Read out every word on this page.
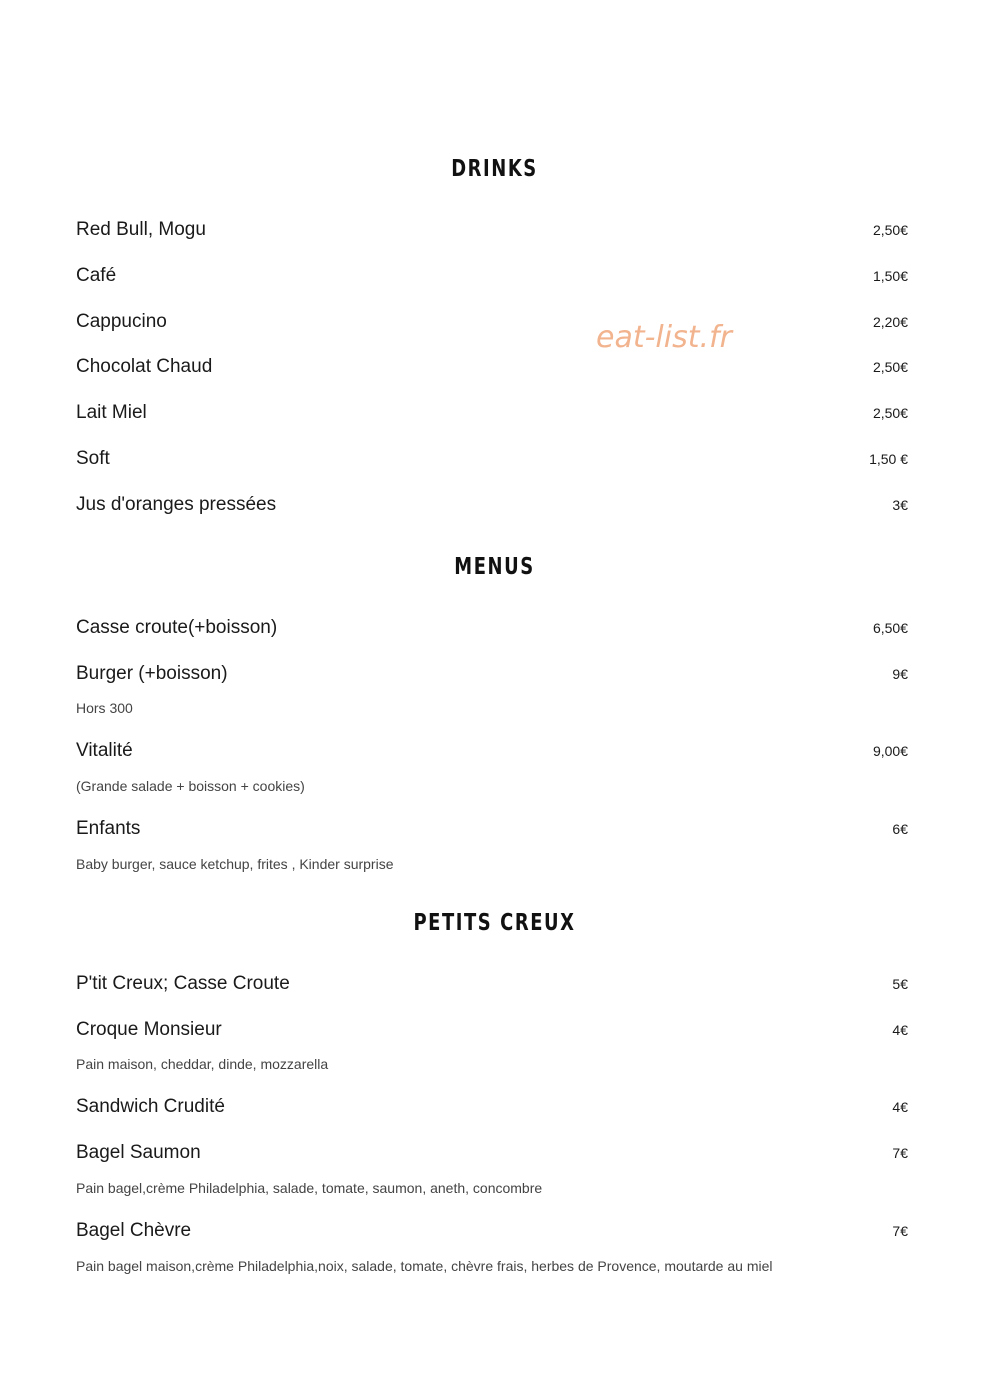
eat-list.fr
DRINKS
Red Bull, Mogu	2,50€
Café	1,50€
Cappucino	2,20€
Chocolat Chaud	2,50€
Lait Miel	2,50€
Soft	1,50 €
Jus d'oranges pressées	3€
MENUS
Casse croute(+boisson)	6,50€
Burger (+boisson)	9€
Hors 300
Vitalité	9,00€
(Grande salade + boisson + cookies)
Enfants	6€
Baby burger, sauce ketchup, frites , Kinder surprise
PETITS CREUX
P'tit Creux; Casse Croute	5€
Croque Monsieur	4€
Pain maison, cheddar, dinde, mozzarella
Sandwich Crudité	4€
Bagel Saumon	7€
Pain bagel,crème Philadelphia, salade, tomate, saumon, aneth, concombre
Bagel Chèvre	7€
Pain bagel maison,crème Philadelphia,noix, salade, tomate, chèvre frais, herbes de Provence, moutarde au miel
